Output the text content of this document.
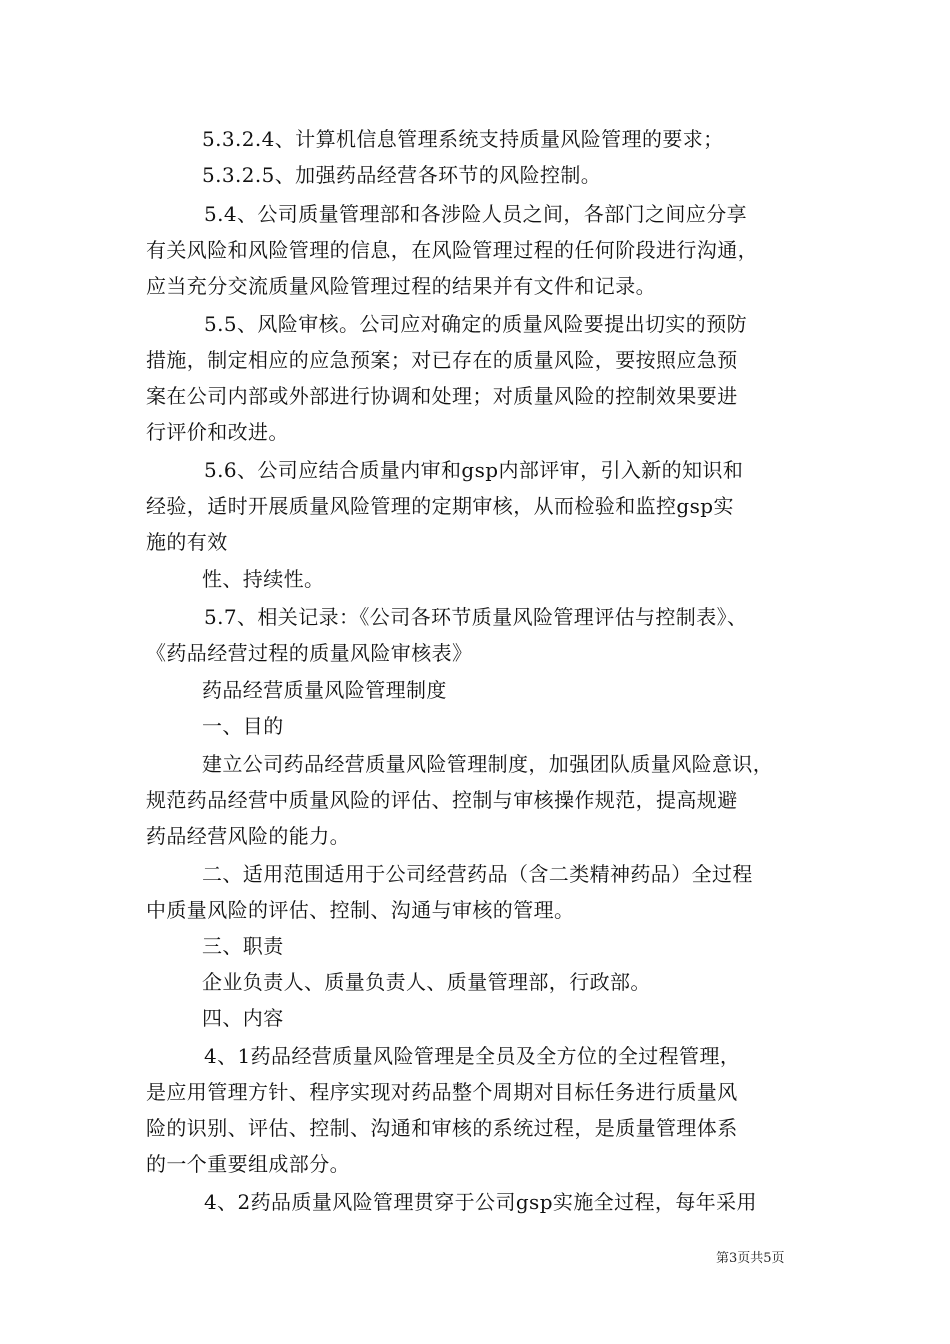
5.3.2.4、计算机信息管理系统支持质量风险管理的要求；
5.3.2.5、加强药品经营各环节的风险控制。
5.4、公司质量管理部和各涉险人员之间，各部门之间应分享
有关风险和风险管理的信息，在风险管理过程的任何阶段进行沟通，
应当充分交流质量风险管理过程的结果并有文件和记录。
5.5、风险审核。公司应对确定的质量风险要提出切实的预防
措施，制定相应的应急预案；对已存在的质量风险，要按照应急预
案在公司内部或外部进行协调和处理；对质量风险的控制效果要进
行评价和改进。
5.6、公司应结合质量内审和gsp内部评审，引入新的知识和
经验，适时开展质量风险管理的定期审核，从而检验和监控gsp实
施的有效
性、持续性。
5.7、相关记录：《公司各环节质量风险管理评估与控制表》、
《药品经营过程的质量风险审核表》
药品经营质量风险管理制度
一、目的
建立公司药品经营质量风险管理制度，加强团队质量风险意识，
规范药品经营中质量风险的评估、控制与审核操作规范，提高规避
药品经营风险的能力。
二、适用范围适用于公司经营药品（含二类精神药品）全过程
中质量风险的评估、控制、沟通与审核的管理。
三、职责
企业负责人、质量负责人、质量管理部，行政部。
四、内容
4、1药品经营质量风险管理是全员及全方位的全过程管理，
是应用管理方针、程序实现对药品整个周期对目标任务进行质量风
险的识别、评估、控制、沟通和审核的系统过程，是质量管理体系
的一个重要组成部分。
4、2药品质量风险管理贯穿于公司gsp实施全过程，每年采用
第3页共5页
